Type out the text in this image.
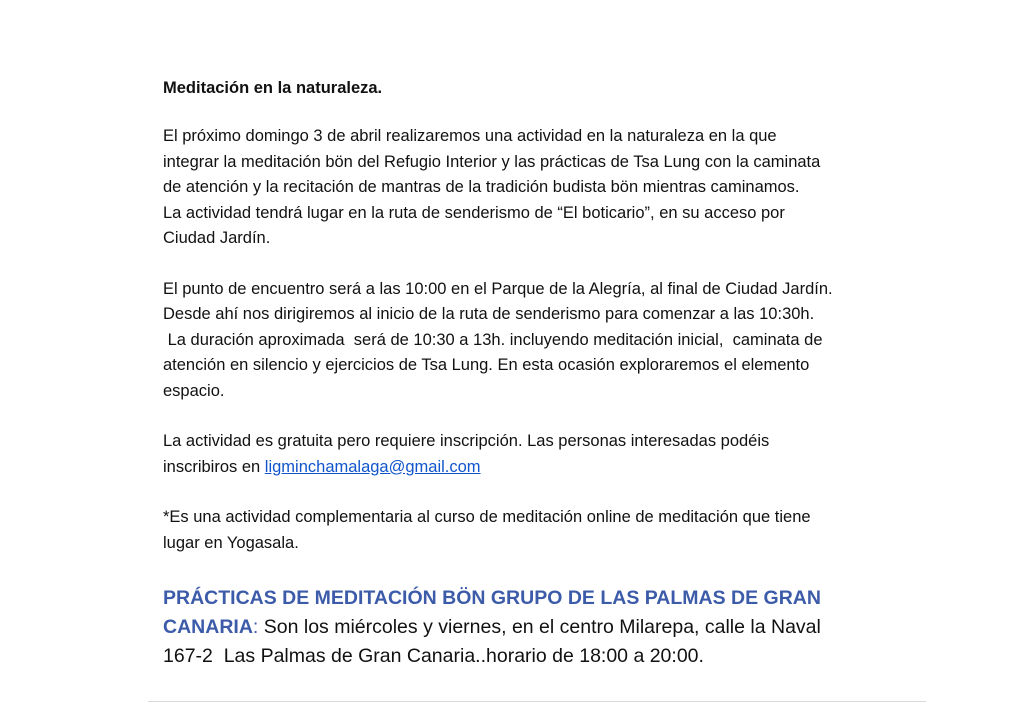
Meditación en la naturaleza.
El próximo domingo 3 de abril realizaremos una actividad en la naturaleza en la que
integrar la meditación bön del Refugio Interior y las prácticas de Tsa Lung con la caminata
de atención y la recitación de mantras de la tradición budista bön mientras caminamos.
La actividad tendrá lugar en la ruta de senderismo de “El boticario”, en su acceso por
Ciudad Jardín.
El punto de encuentro será a las 10:00 en el Parque de la Alegría, al final de Ciudad Jardín.
Desde ahí nos dirigiremos al inicio de la ruta de senderismo para comenzar a las 10:30h.
La duración aproximada  será de 10:30 a 13h. incluyendo meditación inicial,  caminata de
atención en silencio y ejercicios de Tsa Lung. En esta ocasión exploraremos el elemento
espacio.
La actividad es gratuita pero requiere inscripción. Las personas interesadas podéis
inscribiros en ligminchamalaga@gmail.com
*Es una actividad complementaria al curso de meditación online de meditación que tiene
lugar en Yogasala.
PRÁCTICAS DE MEDITACIÓN BÖN GRUPO DE LAS PALMAS DE GRAN
CANARIA: Son los miércoles y viernes, en el centro Milarepa, calle la Naval
167-2  Las Palmas de Gran Canaria..horario de 18:00 a 20:00.
